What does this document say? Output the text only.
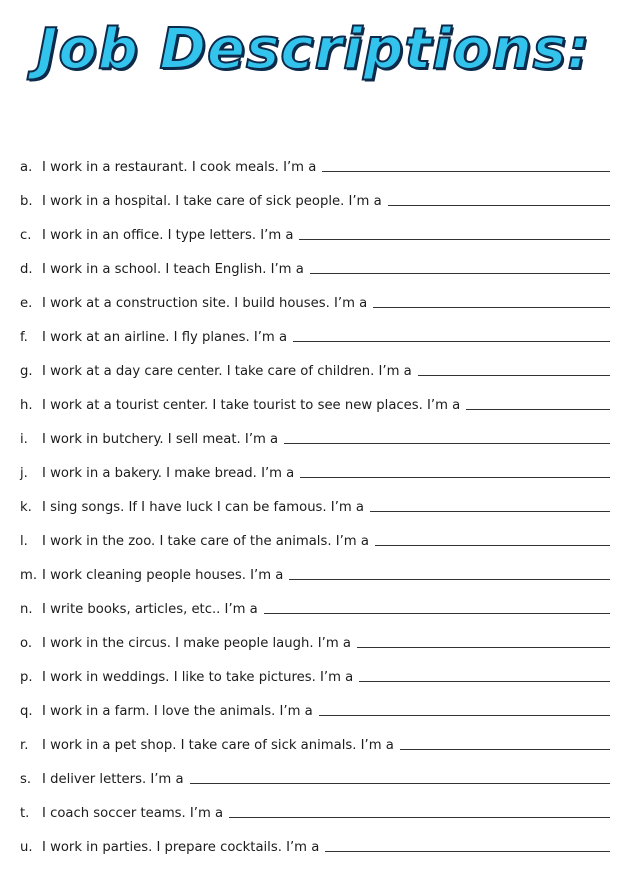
Job Descriptions:
a. I work in a restaurant. I cook meals. I’m a
b. I work in a hospital. I take care of sick people. I’m a
c. I work in an office. I type letters. I’m a
d. I work in a school. I teach English. I’m a
e. I work at a construction site. I build houses. I’m a
f.	I work at an airline. I fly planes. I’m a
g. I work at a day care center. I take care of children. I’m a
h. I work at a tourist center. I take tourist to see new places. I’m a
i.	I work in butchery. I sell meat. I’m a
j.	I work in a bakery. I make bread. I’m a
k. I sing songs. If I have luck I can be famous. I’m a
l.	I work in the zoo. I take care of the animals. I’m a
m. I work cleaning people houses. I’m a
n. I write books, articles, etc.. I’m a
o. I work in the circus. I make people laugh. I’m a
p. I work in weddings. I like to take pictures. I’m a
q. I work in a farm. I love the animals. I’m a
r.	I work in a pet shop. I take care of sick animals. I’m a
s. I deliver letters. I’m a
t. I coach soccer teams. I’m a
u. I work in parties. I prepare cocktails. I’m a
